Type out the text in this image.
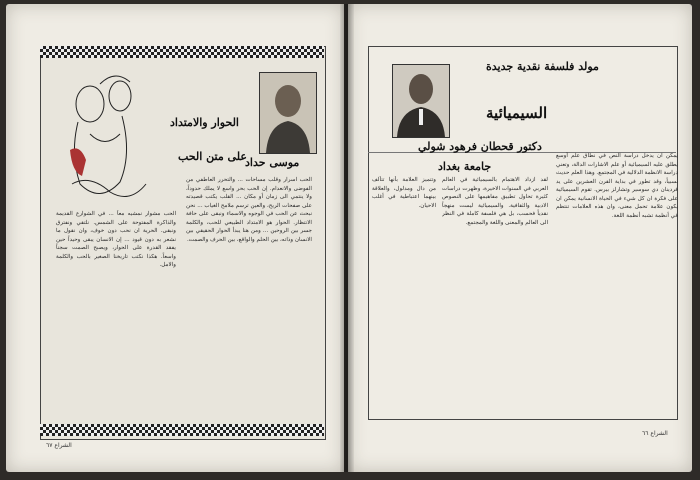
الحوار والامتداد
على متن الحب
موسى حداد
الحب اسرار وقلب مساحات ... والتحرر العاطفي من الفوضى والانعدام. إن الحب بحر واسع لا يملك حدوداً، ولا ينتمي الى زمان أو مكان ... القلب يكتب قصيدته على صفحات الريح، والعين ترسم ملامح الغياب ... نحن نبحث عن الحب في الوجوه والاسماء ونبقى على حافة الانتظار. الحوار هو الامتداد الطبيعي للحب، والكلمة جسر بين الروحين ... ومن هنا يبدأ الحوار الحقيقي بين الانسان وذاته، بين الحلم والواقع، بين الحرف والصمت.
الحب مشوار نمشيه معاً ... في الشوارع القديمة والذاكرة المفتوحة على الشمس. نلتقي ونفترق ونبقى. الحرية ان نحب دون خوف، وان نقول ما نشعر به دون قيود ... إن الانسان يبقى وحيداً حين يفقد القدرة على الحوار، ويصبح الصمت سجناً واسعاً. هكذا نكتب تاريخنا الصغير بالحب والكلمة والامل.
الشراع ٦٧
مولد فلسفة نقدية جديدة
السيميائية
دكتور قحطان فرهود شولي
جامعة بغداد
يمكن ان يدخل دراسة النص في نطاق علم أوسع يطلق عليه السيميائية أو علم الاشارات الدالة، وتعني دراسة الانظمة الدلالية في المجتمع. وهذا العلم حديث نسبياً، وقد تطور في بداية القرن العشرين على يد فردينان دي سوسير وتشارلز بيرس. تقوم السيميائية على فكرة ان كل شيء في الحياة الانسانية يمكن ان يكون علامة تحمل معنى، وان هذه العلامات تنتظم في أنظمة تشبه أنظمة اللغة.
لقد ازداد الاهتمام بالسيميائية في العالم العربي في السنوات الاخيرة، وظهرت دراسات كثيرة تحاول تطبيق مفاهيمها على النصوص الادبية والثقافية. والسيميائية ليست منهجاً نقدياً فحسب، بل هي فلسفة كاملة في النظر الى العالم والمعنى واللغة والمجتمع.
وتتميز العلامة بأنها تتألف من دال ومدلول، والعلاقة بينهما اعتباطية في أغلب الاحيان.
الشراع ٦٦
